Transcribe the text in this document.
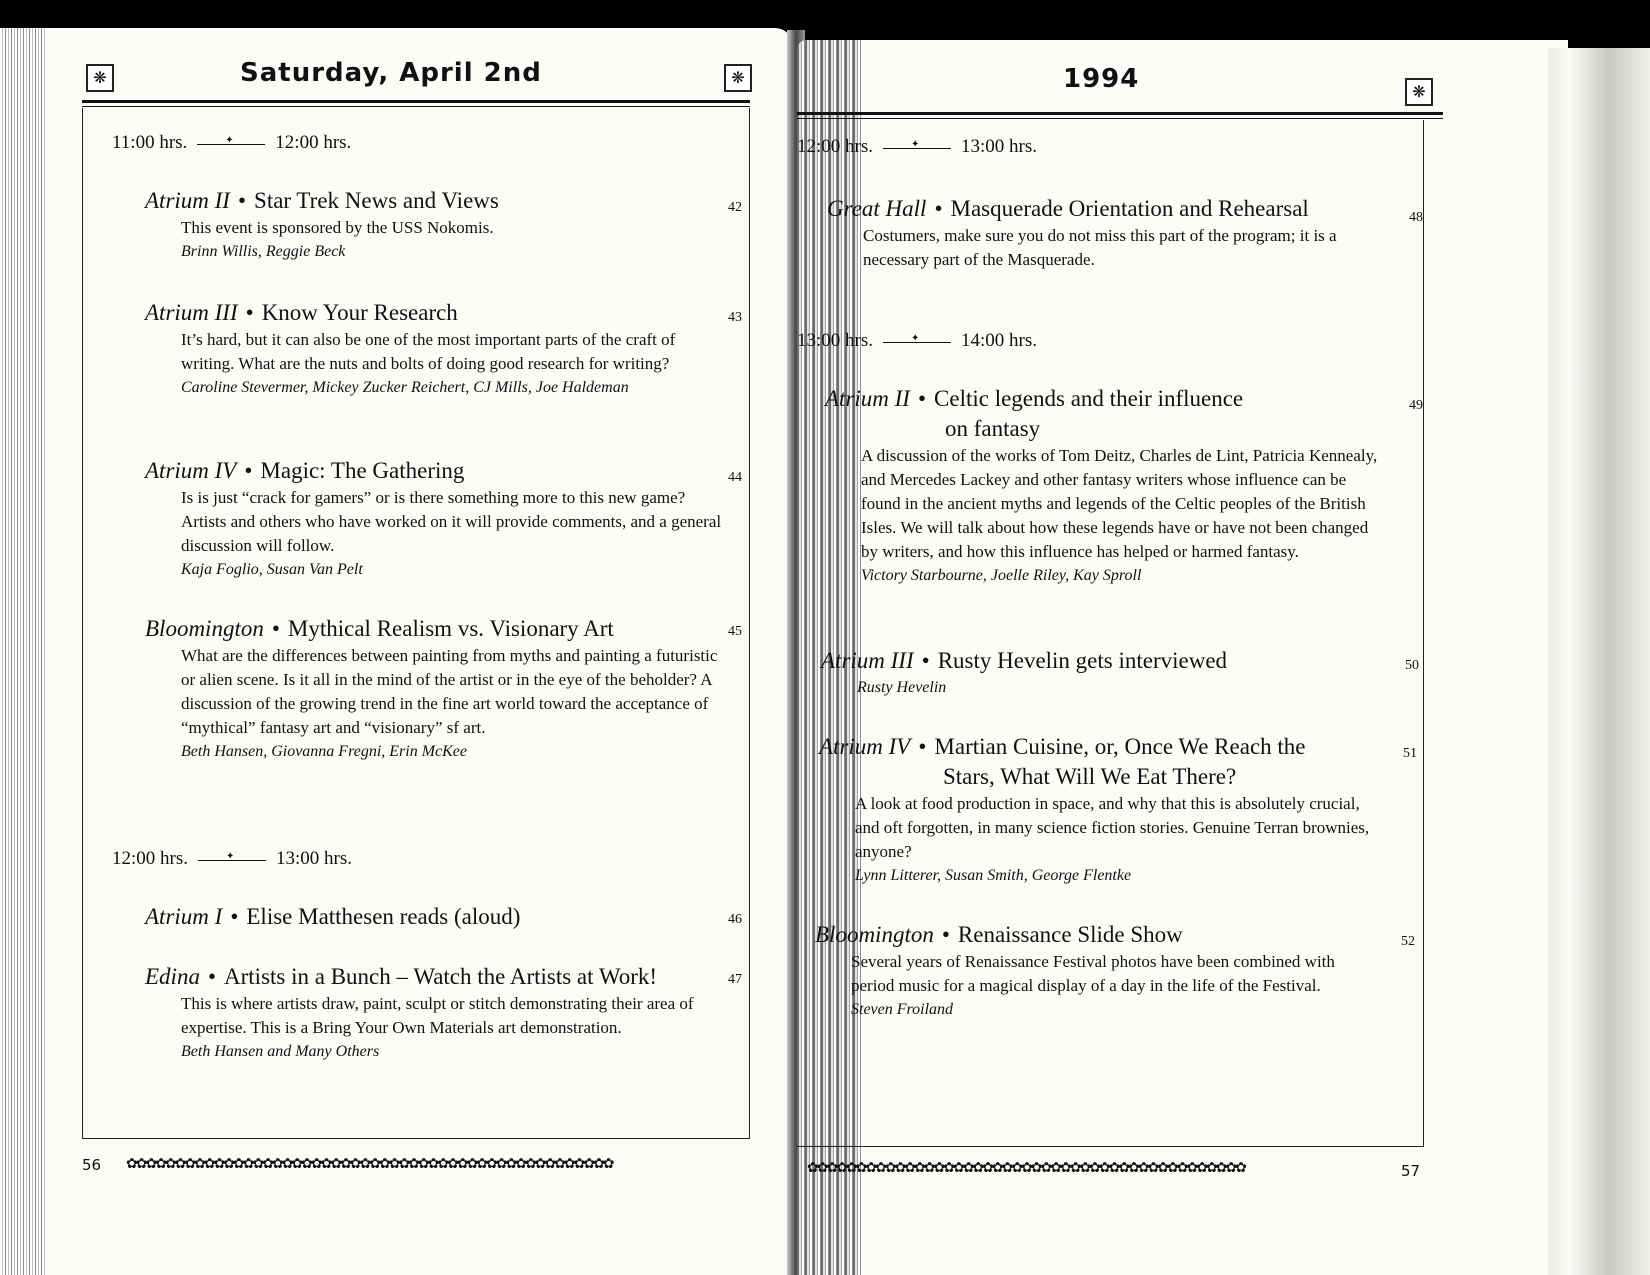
❋	Saturday, April 2nd	❋
11:00 hrs. ✦	12:00 hrs.
Atrium II • Star Trek News and Views
This event is sponsored by the USS Nokomis.
Brinn Willis, Reggie Beck
42
Atrium III • Know Your Research
It’s hard, but it can also be one of the most important parts of the craft of writing. What are the nuts and bolts of doing good research for writing?
Caroline Stevermer, Mickey Zucker Reichert, CJ Mills, Joe Haldeman
43
Atrium IV • Magic: The Gathering
Is is just “crack for gamers” or is there something more to this new game? Artists and others who have worked on it will provide comments, and a general discussion will follow.
Kaja Foglio, Susan Van Pelt
44
Bloomington • Mythical Realism vs. Visionary Art
What are the differences between painting from myths and painting a futuristic or alien scene. Is it all in the mind of the artist or in the eye of the beholder? A discussion of the growing trend in the fine art world toward the acceptance of “mythical” fantasy art and “visionary” sf art.
Beth Hansen, Giovanna Fregni, Erin McKee
45
12:00 hrs. ✦	13:00 hrs.
Atrium I • Elise Matthesen reads (aloud)	46
Edina • Artists in a Bunch – Watch the Artists at Work!
This is where artists draw, paint, sculpt or stitch demonstrating their area of expertise. This is a Bring Your Own Materials art demonstration.
Beth Hansen and Many Others
47
56 ✿✿✿✿✿✿✿✿✿✿✿✿✿✿✿✿✿✿✿✿✿✿✿✿✿✿✿✿✿✿✿✿✿✿✿✿✿✿✿✿✿✿✿✿✿✿✿✿✿✿
1994	❋
12:00 hrs. ✦	13:00 hrs.
Great Hall • Masquerade Orientation and Rehearsal
Costumers, make sure you do not miss this part of the program; it is a necessary part of the Masquerade.
48
13:00 hrs. ✦	14:00 hrs.
Atrium II • Celtic legends and their influence
on fantasy
A discussion of the works of Tom Deitz, Charles de Lint, Patricia Kennealy, and Mercedes Lackey and other fantasy writers whose influence can be found in the ancient myths and legends of the Celtic peoples of the British Isles. We will talk about how these legends have or have not been changed by writers, and how this influence has helped or harmed fantasy.
Victory Starbourne, Joelle Riley, Kay Sproll
49
Atrium III • Rusty Hevelin gets interviewed
Rusty Hevelin
50
Atrium IV • Martian Cuisine, or, Once We Reach the
Stars, What Will We Eat There?
A look at food production in space, and why that this is absolutely crucial, and oft forgotten, in many science fiction stories. Genuine Terran brownies, anyone?
Lynn Litterer, Susan Smith, George Flentke
51
Bloomington • Renaissance Slide Show
Several years of Renaissance Festival photos have been combined with period music for a magical display of a day in the life of the Festival.
Steven Froiland
52
✿✿✿✿✿✿✿✿✿✿✿✿✿✿✿✿✿✿✿✿✿✿✿✿✿✿✿✿✿✿✿✿✿✿✿✿✿✿✿✿✿✿✿✿✿	57
